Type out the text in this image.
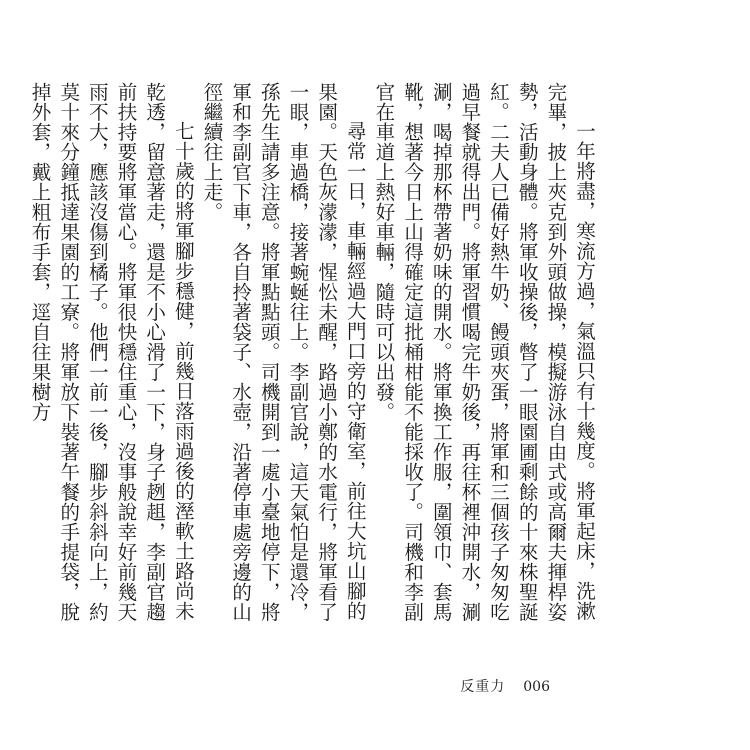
一年將盡，寒流方過，氣溫只有十幾度。將軍起床，洗漱完畢，披上夾克到外頭做操，模擬游泳自由式或高爾夫揮桿姿勢，活動身體。將軍收操後，暼了一眼園圃剩餘的十來株聖誕紅。二夫人已備好熱牛奶、饅頭夾蛋，將軍和三個孩子匆匆吃過早餐就得出門。將軍習慣喝完牛奶後，再往杯裡沖開水，涮涮，喝掉那杯帶著奶味的開水。將軍換工作服，圍領巾、套馬靴，想著今日上山得確定這批桶柑能不能採收了。司機和李副官在車道上熱好車輛，隨時可以出發。

尋常一日，車輛經過大門口旁的守衛室，前往大坑山腳的果園。天色灰濛濛，惺忪未醒，路過小鄭的水電行，將軍看了一眼，車過橋，接著蜿蜒往上。李副官說，這天氣怕是還冷，孫先生請多注意。將軍點點頭。司機開到一處小臺地停下，將軍和李副官下車，各自拎著袋子、水壺，沿著停車處旁邊的山徑繼續往上走。

七十歲的將軍腳步穩健，前幾日落雨過後的溼軟土路尚未乾透，留意著走，還是不小心滑了一下，身子趔趄，李副官趨前扶持要將軍當心。將軍很快穩住重心，沒事般說幸好前幾天雨不大，應該沒傷到橘子。他們一前一後，腳步斜斜向上，約莫十來分鐘抵達果園的工寮。將軍放下裝著午餐的手提袋，脫掉外套，戴上粗布手套，逕自往果樹方

反重力 006
